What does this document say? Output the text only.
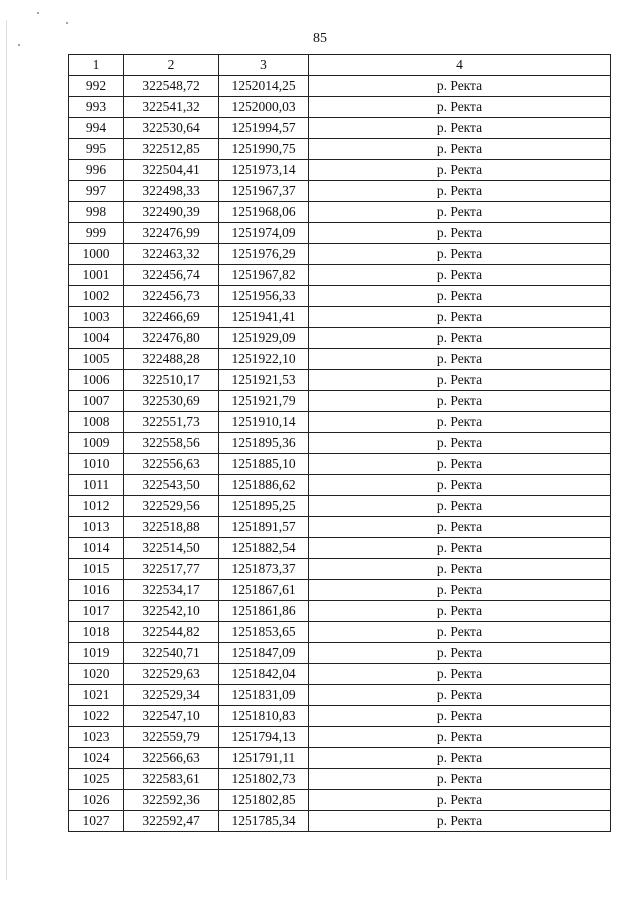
85
1	2	3	4
992	322548,72	1252014,25	р. Ректа
993	322541,32	1252000,03	р. Ректа
994	322530,64	1251994,57	р. Ректа
995	322512,85	1251990,75	р. Ректа
996	322504,41	1251973,14	р. Ректа
997	322498,33	1251967,37	р. Ректа
998	322490,39	1251968,06	р. Ректа
999	322476,99	1251974,09	р. Ректа
1000	322463,32	1251976,29	р. Ректа
1001	322456,74	1251967,82	р. Ректа
1002	322456,73	1251956,33	р. Ректа
1003	322466,69	1251941,41	р. Ректа
1004	322476,80	1251929,09	р. Ректа
1005	322488,28	1251922,10	р. Ректа
1006	322510,17	1251921,53	р. Ректа
1007	322530,69	1251921,79	р. Ректа
1008	322551,73	1251910,14	р. Ректа
1009	322558,56	1251895,36	р. Ректа
1010	322556,63	1251885,10	р. Ректа
1011	322543,50	1251886,62	р. Ректа
1012	322529,56	1251895,25	р. Ректа
1013	322518,88	1251891,57	р. Ректа
1014	322514,50	1251882,54	р. Ректа
1015	322517,77	1251873,37	р. Ректа
1016	322534,17	1251867,61	р. Ректа
1017	322542,10	1251861,86	р. Ректа
1018	322544,82	1251853,65	р. Ректа
1019	322540,71	1251847,09	р. Ректа
1020	322529,63	1251842,04	р. Ректа
1021	322529,34	1251831,09	р. Ректа
1022	322547,10	1251810,83	р. Ректа
1023	322559,79	1251794,13	р. Ректа
1024	322566,63	1251791,11	р. Ректа
1025	322583,61	1251802,73	р. Ректа
1026	322592,36	1251802,85	р. Ректа
1027	322592,47	1251785,34	р. Ректа
